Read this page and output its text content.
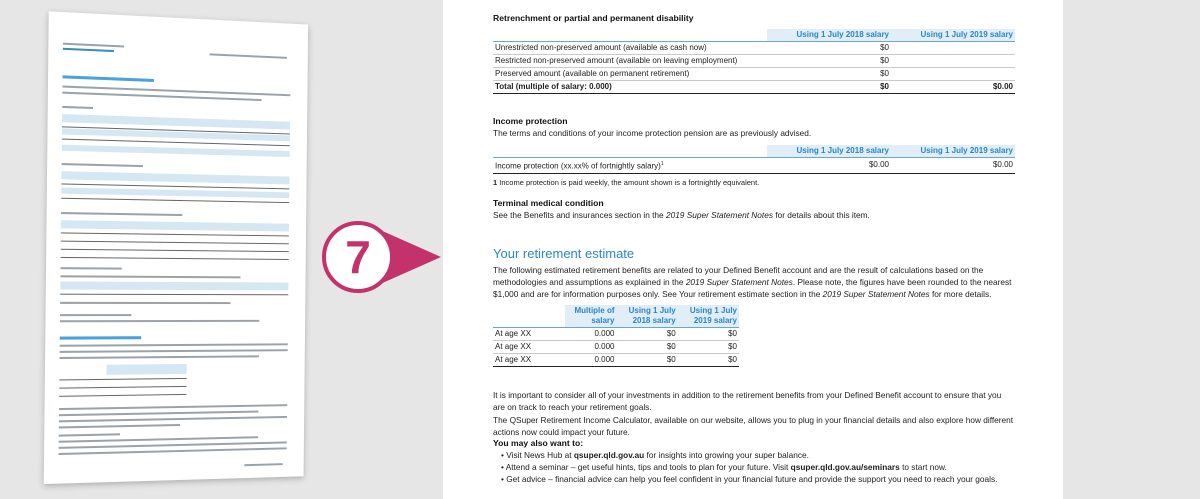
7
Retrenchment or partial and permanent disability
	Using 1 July 2018 salary	Using 1 July 2019 salary
Unrestricted non-preserved amount (available as cash now)	$0	
Restricted non-preserved amount (available on leaving employment)	$0	
Preserved amount (available on permanent retirement)	$0	
Total (multiple of salary: 0.000)	$0	$0.00
Income protection
The terms and conditions of your income protection pension are as previously advised.
	Using 1 July 2018 salary	Using 1 July 2019 salary
Income protection (xx.xx% of fortnightly salary)$^1$	$0.00	$0.00
1 Income protection is paid weekly, the amount shown is a fortnightly equivalent.
Terminal medical condition
See the Benefits and insurances section in the 2019 Super Statement Notes for details about this item.
Your retirement estimate
The following estimated retirement benefits are related to your Defined Benefit account and are the result of calculations based on the methodologies and assumptions as explained in the 2019 Super Statement Notes. Please note, the figures have been rounded to the nearest $1,000 and are for information purposes only. See Your retirement estimate section in the 2019 Super Statement Notes for more details.
	Multiple of salary	Using 1 July 2018 salary	Using 1 July 2019 salary
At age XX	0.000	$0	$0
At age XX	0.000	$0	$0
At age XX	0.000	$0	$0
It is important to consider all of your investments in addition to the retirement benefits from your Defined Benefit account to ensure that you are on track to reach your retirement goals.
The QSuper Retirement Income Calculator, available on our website, allows you to plug in your financial details and also explore how different actions now could impact your future.
You may also want to:
• Visit News Hub at qsuper.qld.gov.au for insights into growing your super balance.
• Attend a seminar – get useful hints, tips and tools to plan for your future. Visit qsuper.qld.gov.au/seminars to start now.
• Get advice – financial advice can help you feel confident in your financial future and provide the support you need to reach your goals.
